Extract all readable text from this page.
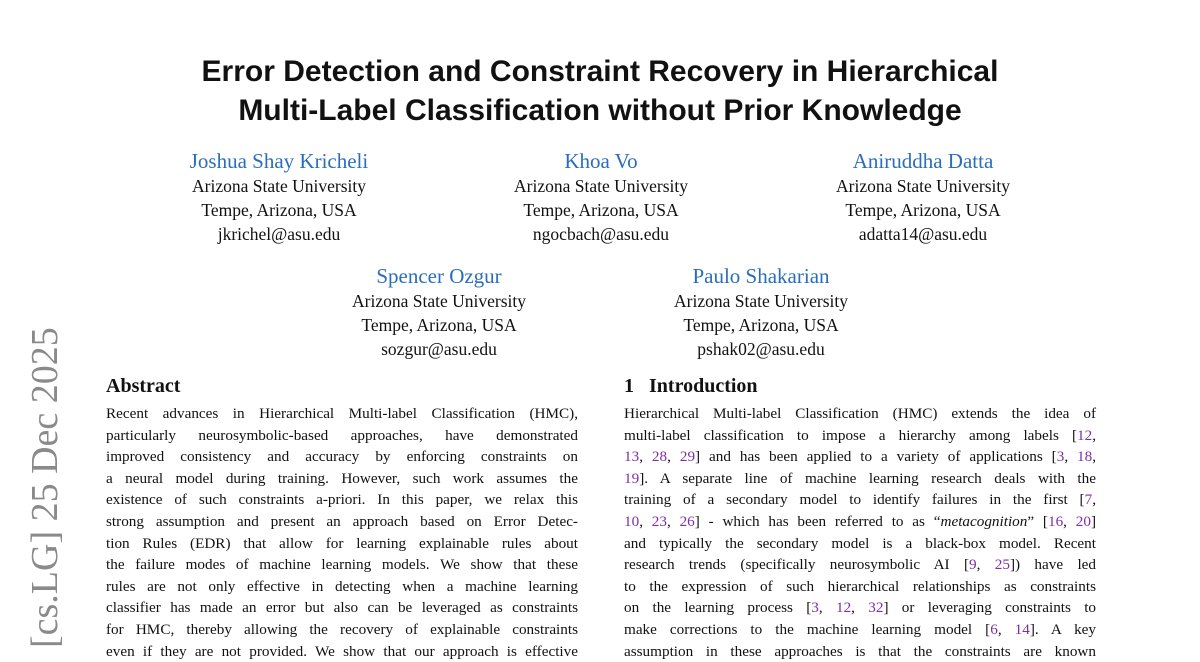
[cs.LG] 25 Dec 2025
Error Detection and Constraint Recovery in Hierarchical
Multi-Label Classification without Prior Knowledge
Joshua Shay Kricheli
Arizona State University
Tempe, Arizona, USA
jkrichel@asu.edu
Khoa Vo
Arizona State University
Tempe, Arizona, USA
ngocbach@asu.edu
Aniruddha Datta
Arizona State University
Tempe, Arizona, USA
adatta14@asu.edu
Spencer Ozgur
Arizona State University
Tempe, Arizona, USA
sozgur@asu.edu
Paulo Shakarian
Arizona State University
Tempe, Arizona, USA
pshak02@asu.edu
Abstract
Recent advances in Hierarchical Multi-label Classification (HMC),
particularly neurosymbolic-based approaches, have demonstrated
improved consistency and accuracy by enforcing constraints on
a neural model during training. However, such work assumes the
existence of such constraints a-priori. In this paper, we relax this
strong assumption and present an approach based on Error Detec-
tion Rules (EDR) that allow for learning explainable rules about
the failure modes of machine learning models. We show that these
rules are not only effective in detecting when a machine learning
classifier has made an error but also can be leveraged as constraints
for HMC, thereby allowing the recovery of explainable constraints
even if they are not provided. We show that our approach is effective
1 Introduction
Hierarchical Multi-label Classification (HMC) extends the idea of
multi-label classification to impose a hierarchy among labels [12,
13, 28, 29] and has been applied to a variety of applications [3, 18,
19]. A separate line of machine learning research deals with the
training of a secondary model to identify failures in the first [7,
10, 23, 26] - which has been referred to as “metacognition” [16, 20]
and typically the secondary model is a black-box model. Recent
research trends (specifically neurosymbolic AI [9, 25]) have led
to the expression of such hierarchical relationships as constraints
on the learning process [3, 12, 32] or leveraging constraints to
make corrections to the machine learning model [6, 14]. A key
assumption in these approaches is that the constraints are known
